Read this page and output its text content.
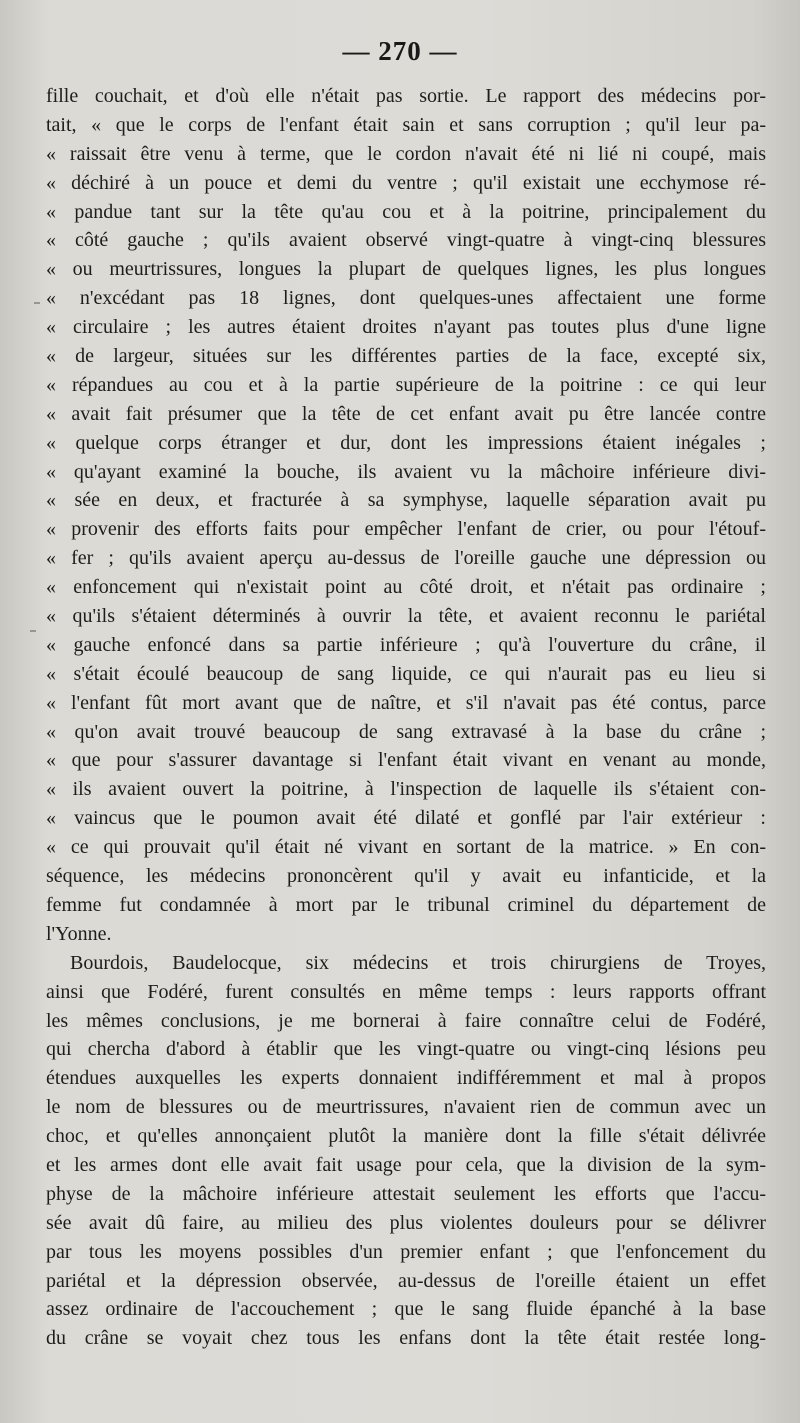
— 270 —
fille couchait, et d'où elle n'était pas sortie. Le rapport des médecins por-
tait, « que le corps de l'enfant était sain et sans corruption ; qu'il leur pa-
« raissait être venu à terme, que le cordon n'avait été ni lié ni coupé, mais
« déchiré à un pouce et demi du ventre ; qu'il existait une ecchymose ré-
« pandue tant sur la tête qu'au cou et à la poitrine, principalement du
« côté gauche ; qu'ils avaient observé vingt-quatre à vingt-cinq blessures
« ou meurtrissures, longues la plupart de quelques lignes, les plus longues
« n'excédant pas 18 lignes, dont quelques-unes affectaient une forme
« circulaire ; les autres étaient droites n'ayant pas toutes plus d'une ligne
« de largeur, situées sur les différentes parties de la face, excepté six,
« répandues au cou et à la partie supérieure de la poitrine : ce qui leur
« avait fait présumer que la tête de cet enfant avait pu être lancée contre
« quelque corps étranger et dur, dont les impressions étaient inégales ;
« qu'ayant examiné la bouche, ils avaient vu la mâchoire inférieure divi-
« sée en deux, et fracturée à sa symphyse, laquelle séparation avait pu
« provenir des efforts faits pour empêcher l'enfant de crier, ou pour l'étouf-
« fer ; qu'ils avaient aperçu au-dessus de l'oreille gauche une dépression ou
« enfoncement qui n'existait point au côté droit, et n'était pas ordinaire ;
« qu'ils s'étaient déterminés à ouvrir la tête, et avaient reconnu le pariétal
« gauche enfoncé dans sa partie inférieure ; qu'à l'ouverture du crâne, il
« s'était écoulé beaucoup de sang liquide, ce qui n'aurait pas eu lieu si
« l'enfant fût mort avant que de naître, et s'il n'avait pas été contus, parce
« qu'on avait trouvé beaucoup de sang extravasé à la base du crâne ;
« que pour s'assurer davantage si l'enfant était vivant en venant au monde,
« ils avaient ouvert la poitrine, à l'inspection de laquelle ils s'étaient con-
« vaincus que le poumon avait été dilaté et gonflé par l'air extérieur :
« ce qui prouvait qu'il était né vivant en sortant de la matrice. » En con-
séquence, les médecins prononcèrent qu'il y avait eu infanticide, et la
femme fut condamnée à mort par le tribunal criminel du département de
l'Yonne.
Bourdois, Baudelocque, six médecins et trois chirurgiens de Troyes,
ainsi que Fodéré, furent consultés en même temps : leurs rapports offrant
les mêmes conclusions, je me bornerai à faire connaître celui de Fodéré,
qui chercha d'abord à établir que les vingt-quatre ou vingt-cinq lésions peu
étendues auxquelles les experts donnaient indifféremment et mal à propos
le nom de blessures ou de meurtrissures, n'avaient rien de commun avec un
choc, et qu'elles annonçaient plutôt la manière dont la fille s'était délivrée
et les armes dont elle avait fait usage pour cela, que la division de la sym-
physe de la mâchoire inférieure attestait seulement les efforts que l'accu-
sée avait dû faire, au milieu des plus violentes douleurs pour se délivrer
par tous les moyens possibles d'un premier enfant ; que l'enfoncement du
pariétal et la dépression observée, au-dessus de l'oreille étaient un effet
assez ordinaire de l'accouchement ; que le sang fluide épanché à la base
du crâne se voyait chez tous les enfans dont la tête était restée long-
